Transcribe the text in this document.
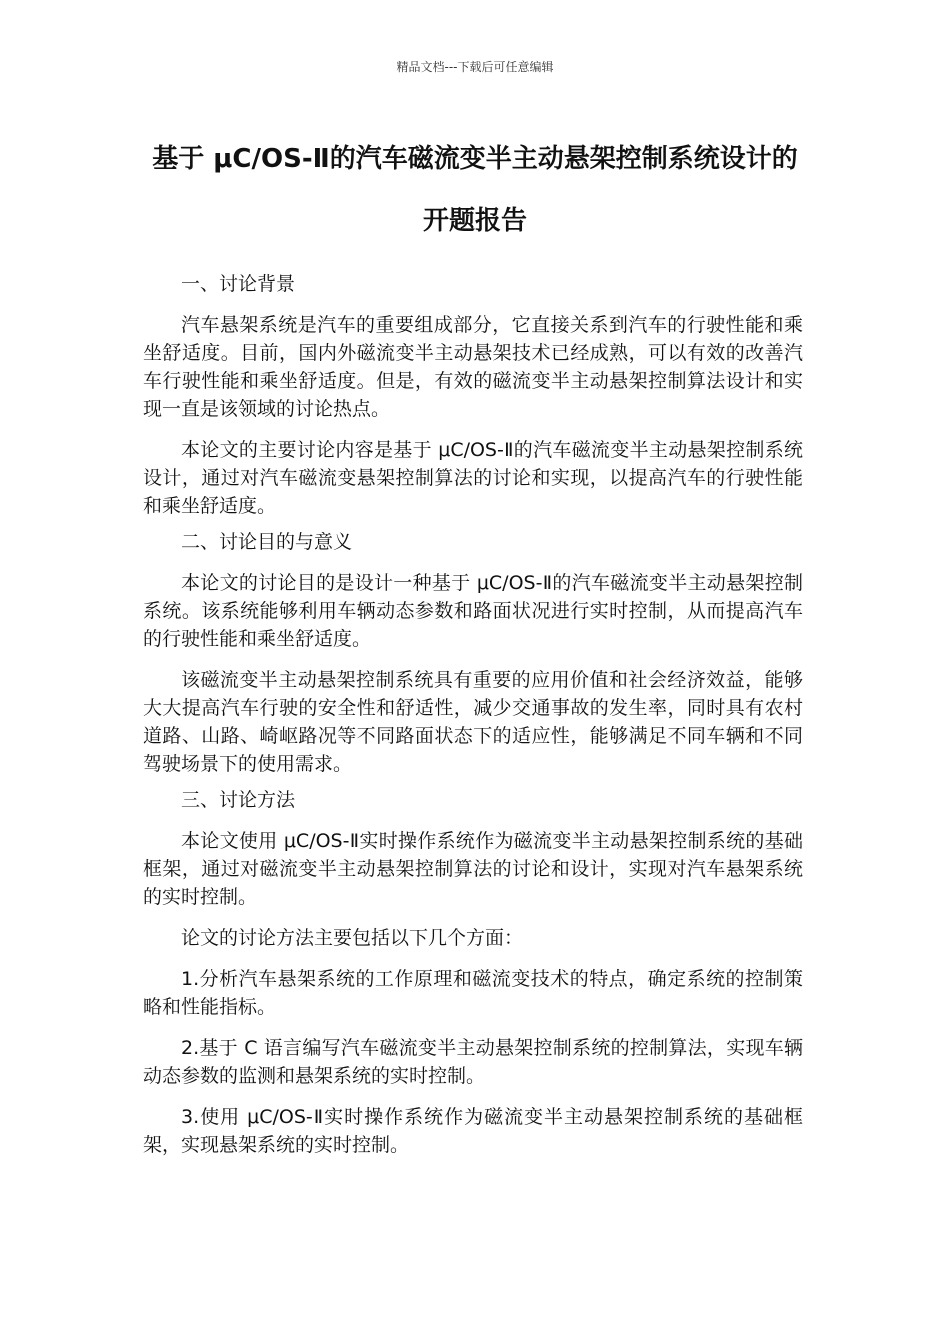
精品文档---下载后可任意编辑
基于 μC/OS-Ⅱ的汽车磁流变半主动悬架控制系统设计的开题报告

一、讨论背景

汽车悬架系统是汽车的重要组成部分，它直接关系到汽车的行驶性能和乘坐舒适度。目前，国内外磁流变半主动悬架技术已经成熟，可以有效的改善汽车行驶性能和乘坐舒适度。但是，有效的磁流变半主动悬架控制算法设计和实现一直是该领域的讨论热点。

本论文的主要讨论内容是基于 μC/OS-Ⅱ的汽车磁流变半主动悬架控制系统设计，通过对汽车磁流变悬架控制算法的讨论和实现，以提高汽车的行驶性能和乘坐舒适度。

二、讨论目的与意义

本论文的讨论目的是设计一种基于 μC/OS-Ⅱ的汽车磁流变半主动悬架控制系统。该系统能够利用车辆动态参数和路面状况进行实时控制，从而提高汽车的行驶性能和乘坐舒适度。

该磁流变半主动悬架控制系统具有重要的应用价值和社会经济效益，能够大大提高汽车行驶的安全性和舒适性，减少交通事故的发生率，同时具有农村道路、山路、崎岖路况等不同路面状态下的适应性，能够满足不同车辆和不同驾驶场景下的使用需求。

三、讨论方法

本论文使用 μC/OS-Ⅱ实时操作系统作为磁流变半主动悬架控制系统的基础框架，通过对磁流变半主动悬架控制算法的讨论和设计，实现对汽车悬架系统的实时控制。

论文的讨论方法主要包括以下几个方面：

1.分析汽车悬架系统的工作原理和磁流变技术的特点，确定系统的控制策略和性能指标。

2.基于 C 语言编写汽车磁流变半主动悬架控制系统的控制算法，实现车辆动态参数的监测和悬架系统的实时控制。

3.使用 μC/OS-Ⅱ实时操作系统作为磁流变半主动悬架控制系统的基础框架，实现悬架系统的实时控制。
